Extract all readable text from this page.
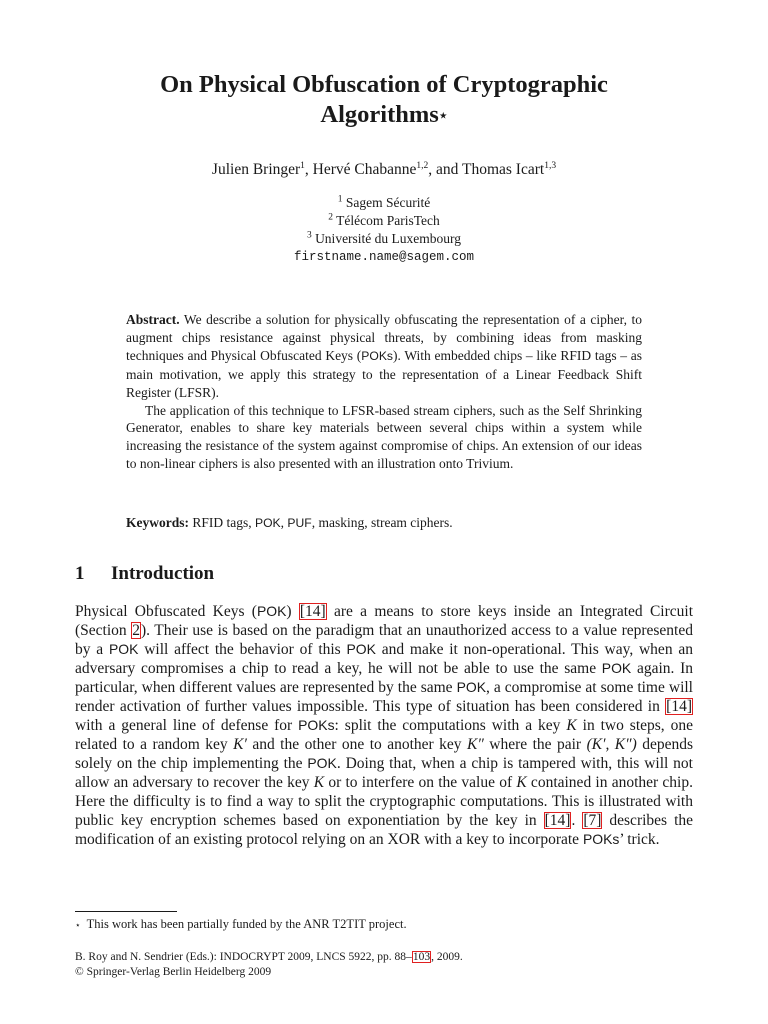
On Physical Obfuscation of Cryptographic
Algorithms⋆
Julien Bringer$^1$, Hervé Chabanne$^{1,2}$, and Thomas Icart$^{1,3}$
$^1$ Sagem Sécurité
$^2$ Télécom ParisTech
$^3$ Université du Luxembourg
firstname.name@sagem.com

Abstract. We describe a solution for physically obfuscating the representation of a cipher, to augment chips resistance against physical threats, by combining ideas from masking techniques and Physical Obfuscated Keys (POKs). With embedded chips – like RFID tags – as main motivation, we apply this strategy to the representation of a Linear Feedback Shift Register (LFSR).

The application of this technique to LFSR-based stream ciphers, such as the Self Shrinking Generator, enables to share key materials between several chips within a system while increasing the resistance of the system against compromise of chips. An extension of our ideas to non-linear ciphers is also presented with an illustration onto Trivium.

Keywords: RFID tags, POK, PUF, masking, stream ciphers.
1 Introduction

Physical Obfuscated Keys (POK) [14] are a means to store keys inside an Integrated Circuit (Section 2). Their use is based on the paradigm that an unauthorized access to a value represented by a POK will affect the behavior of this POK and make it non-operational. This way, when an adversary compromises a chip to read a key, he will not be able to use the same POK again. In particular, when different values are represented by the same POK, a compromise at some time will render activation of further values impossible. This type of situation has been considered in [14] with a general line of defense for POKs: split the computations with a key K in two steps, one related to a random key K′ and the other one to another key K″ where the pair (K′, K″) depends solely on the chip implementing the POK. Doing that, when a chip is tampered with, this will not allow an adversary to recover the key K or to interfere on the value of K contained in another chip. Here the difficulty is to find a way to split the cryptographic computations. This is illustrated with public key encryption schemes based on exponentiation by the key in [14]. [7] describes the modification of an existing protocol relying on an XOR with a key to incorporate POKs’ trick.

⋆ This work has been partially funded by the ANR T2TIT project.
B. Roy and N. Sendrier (Eds.): INDOCRYPT 2009, LNCS 5922, pp. 88–103, 2009.
© Springer-Verlag Berlin Heidelberg 2009
